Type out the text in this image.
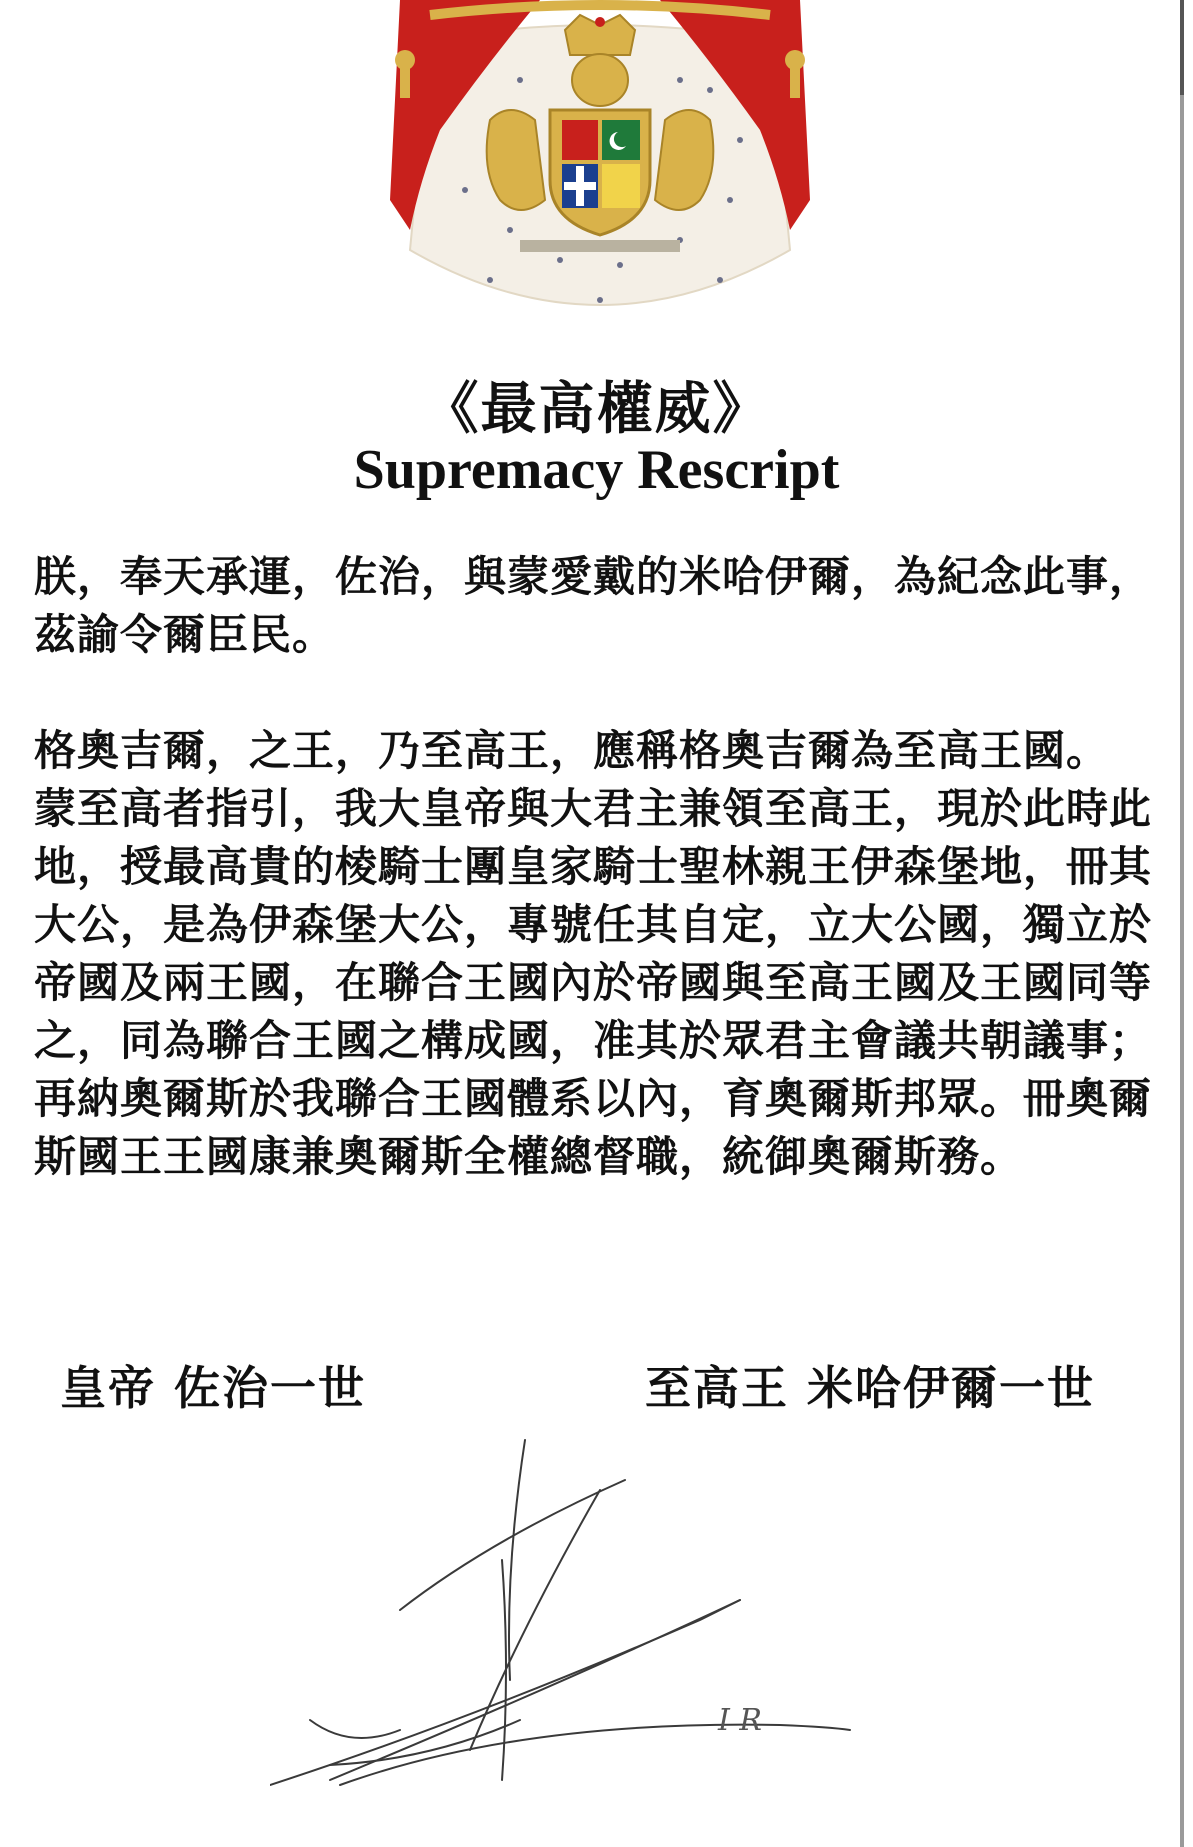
《最高權威》
Supremacy Rescript

朕，奉天承運，佐治，與蒙愛戴的米哈伊爾，為紀念此事，茲諭令爾臣民。

格奧吉爾，之王，乃至高王，應稱格奧吉爾為至高王國。

蒙至高者指引，我大皇帝與大君主兼領至高王，現於此時此地，授最高貴的棱騎士團皇家騎士聖林親王伊森堡地，冊其大公，是為伊森堡大公，專號任其自定，立大公國，獨立於帝國及兩王國，在聯合王國內於帝國與至高王國及王國同等之，同為聯合王國之構成國，准其於眾君主會議共朝議事；再納奧爾斯於我聯合王國體系以內，育奧爾斯邦眾。冊奧爾斯國王王國康兼奧爾斯全權總督職，統御奧爾斯務。

皇帝 佐治一世	至高王 米哈伊爾一世
I R
